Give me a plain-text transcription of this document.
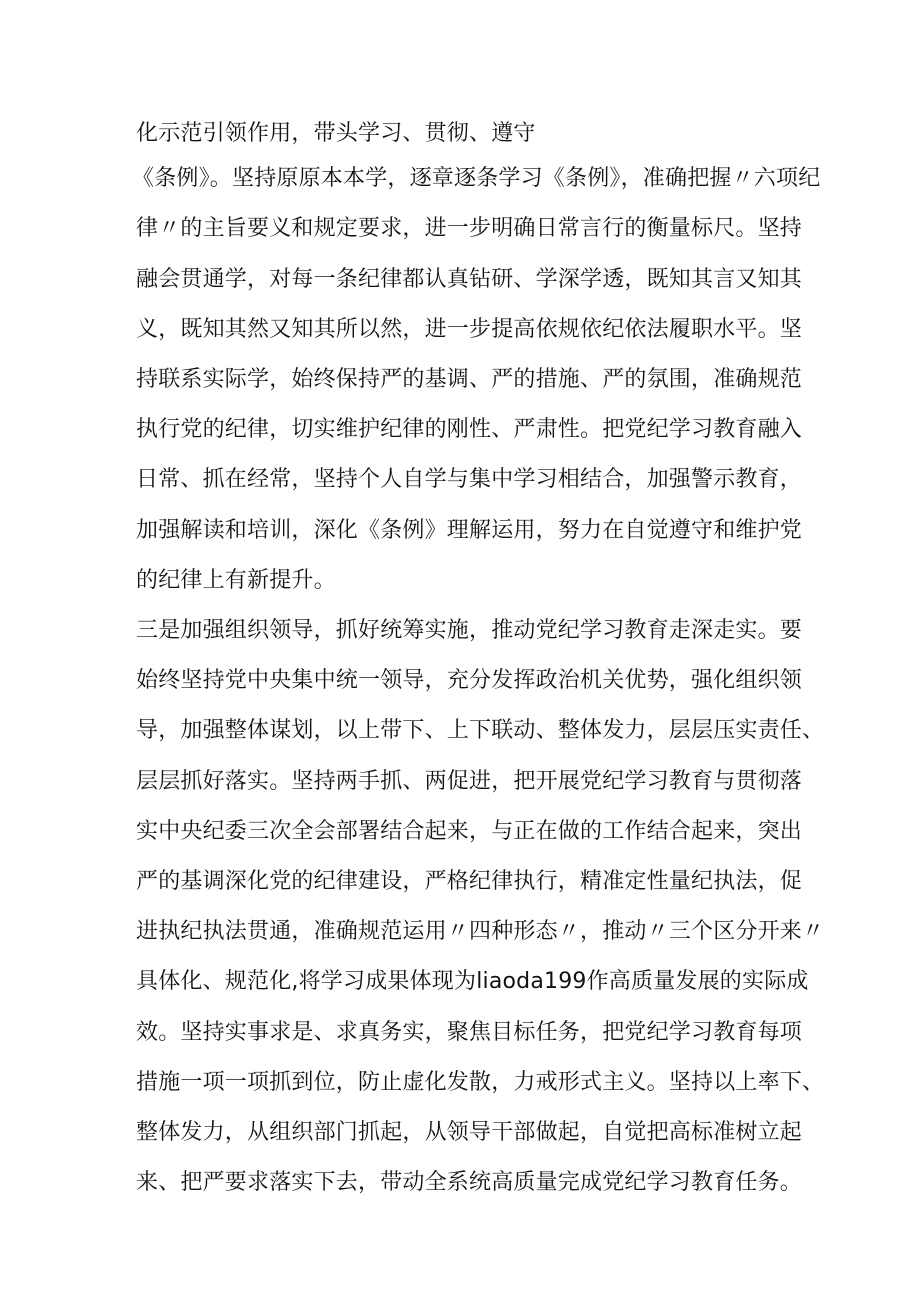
化示范引领作用，带头学习、贯彻、遵守
《条例》。坚持原原本本学，逐章逐条学习《条例》，准确把握〃六项纪
律〃的主旨要义和规定要求，进一步明确日常言行的衡量标尺。坚持
融会贯通学，对每一条纪律都认真钻研、学深学透，既知其言又知其
义，既知其然又知其所以然，进一步提高依规依纪依法履职水平。坚
持联系实际学，始终保持严的基调、严的措施、严的氛围，准确规范
执行党的纪律，切实维护纪律的刚性、严肃性。把党纪学习教育融入
日常、抓在经常，坚持个人自学与集中学习相结合，加强警示教育，
加强解读和培训，深化《条例》理解运用，努力在自觉遵守和维护党
的纪律上有新提升。
三是加强组织领导，抓好统筹实施，推动党纪学习教育走深走实。要
始终坚持党中央集中统一领导，充分发挥政治机关优势，强化组织领
导，加强整体谋划，以上带下、上下联动、整体发力，层层压实责任、
层层抓好落实。坚持两手抓、两促进，把开展党纪学习教育与贯彻落
实中央纪委三次全会部署结合起来，与正在做的工作结合起来，突出
严的基调深化党的纪律建设，严格纪律执行，精准定性量纪执法，促
进执纪执法贯通，准确规范运用〃四种形态〃，推动〃三个区分开来〃
具体化、规范化,将学习成果体现为liaoda199作高质量发展的实际成
效。坚持实事求是、求真务实，聚焦目标任务，把党纪学习教育每项
措施一项一项抓到位，防止虚化发散，力戒形式主义。坚持以上率下、
整体发力，从组织部门抓起，从领导干部做起，自觉把高标准树立起
来、把严要求落实下去，带动全系统高质量完成党纪学习教育任务。
